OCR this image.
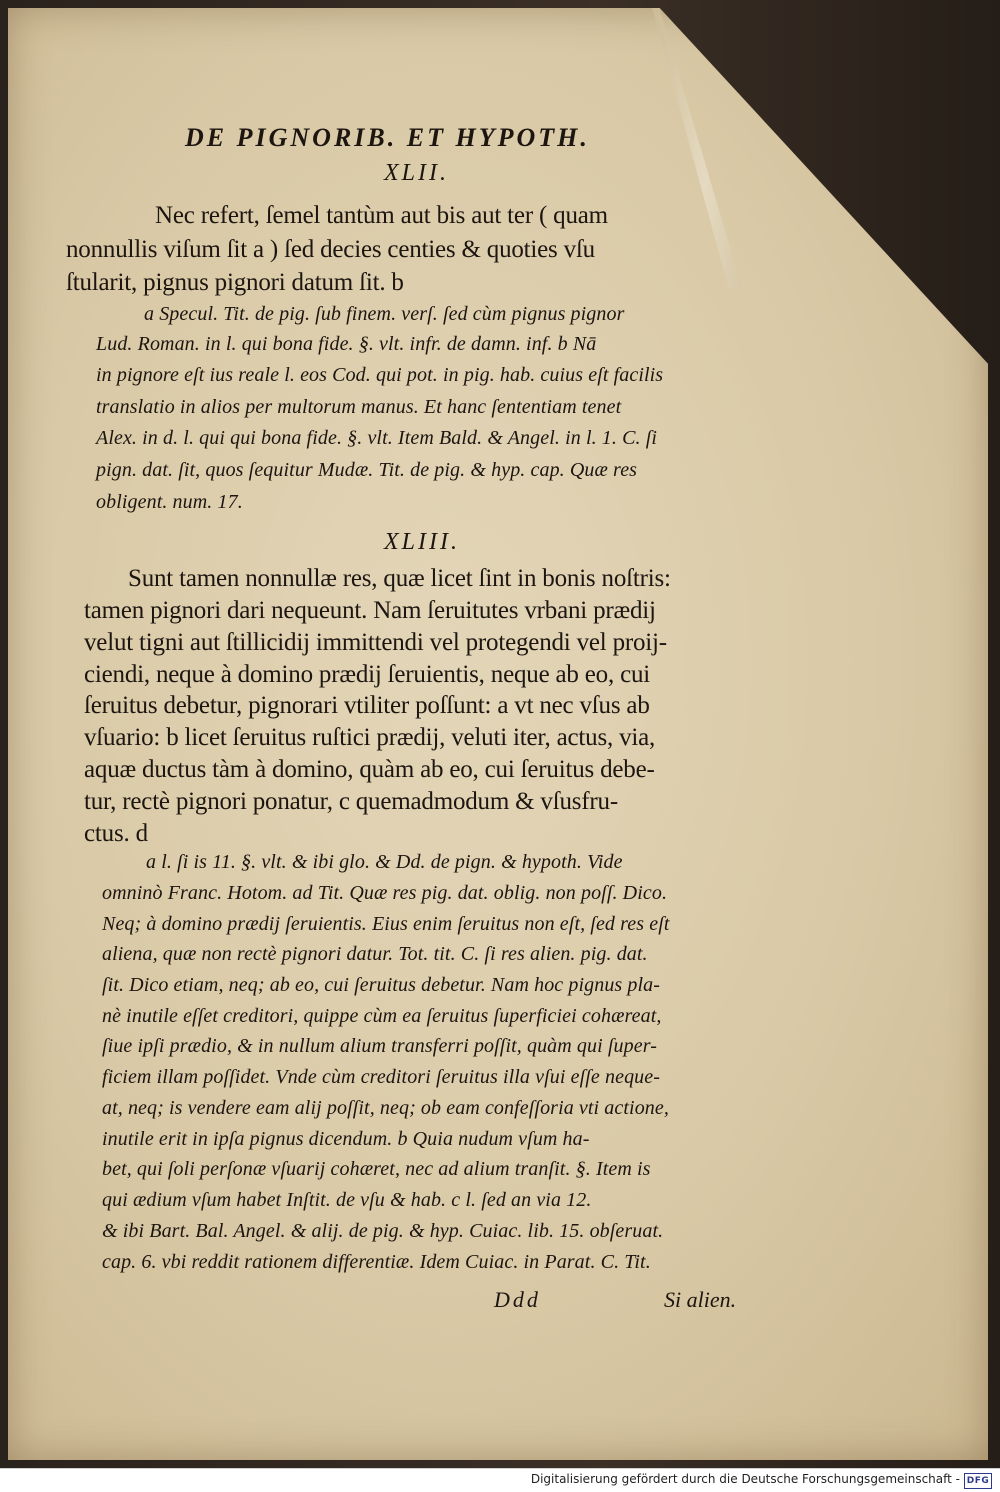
DE PIGNORIB. ET HYPOTH.
XLII.
Nec refert, ſemel tantùm aut bis aut ter ( quam
nonnullis viſum ſit a ) ſed decies centies & quoties vſu
ſtularit, pignus pignori datum ſit. b
a Specul. Tit. de pig. ſub finem. verſ. ſed cùm pignus pignor
Lud. Roman. in l. qui bona fide. §. vlt. infr. de damn. inf. b Nā
in pignore eſt ius reale l. eos Cod. qui pot. in pig. hab. cuius eſt facilis
translatio in alios per multorum manus. Et hanc ſententiam tenet
Alex. in d. l. qui qui bona fide. §. vlt. Item Bald. & Angel. in l. 1. C. ſi
pign. dat. ſit, quos ſequitur Mudæ. Tit. de pig. & hyp. cap. Quæ res
obligent. num. 17.
XLIII.
Sunt tamen nonnullæ res, quæ licet ſint in bonis noſtris:
tamen pignori dari nequeunt. Nam ſeruitutes vrbani prædij
velut tigni aut ſtillicidij immittendi vel protegendi vel proij-
ciendi, neque à domino prædij ſeruientis, neque ab eo, cui
ſeruitus debetur, pignorari vtiliter poſſunt: a vt nec vſus ab
vſuario: b licet ſeruitus ruſtici prædij, veluti iter, actus, via,
aquæ ductus tàm à domino, quàm ab eo, cui ſeruitus debe-
tur, rectè pignori ponatur, c quemadmodum & vſusfru-
ctus. d
a l. ſi is 11. §. vlt. & ibi glo. & Dd. de pign. & hypoth. Vide
omninò Franc. Hotom. ad Tit. Quæ res pig. dat. oblig. non poſſ. Dico.
Neq; à domino prædij ſeruientis. Eius enim ſeruitus non eſt, ſed res eſt
aliena, quæ non rectè pignori datur. Tot. tit. C. ſi res alien. pig. dat.
ſit. Dico etiam, neq; ab eo, cui ſeruitus debetur. Nam hoc pignus pla-
nè inutile eſſet creditori, quippe cùm ea ſeruitus ſuperficiei cohæreat,
ſiue ipſi prædio, & in nullum alium transferri poſſit, quàm qui ſuper-
ficiem illam poſſidet. Vnde cùm creditori ſeruitus illa vſui eſſe neque-
at, neq; is vendere eam alij poſſit, neq; ob eam confeſſoria vti actione,
inutile erit in ipſa pignus dicendum. b Quia nudum vſum ha-
bet, qui ſoli perſonæ vſuarij cohæret, nec ad alium tranſit. §. Item is
qui ædium vſum habet Inſtit. de vſu & hab. c l. ſed an via 12.
& ibi Bart. Bal. Angel. & alij. de pig. & hyp. Cuiac. lib. 15. obſeruat.
cap. 6. vbi reddit rationem differentiæ. Idem Cuiac. in Parat. C. Tit.
Ddd	Si alien.
Digitalisierung gefördert durch die Deutsche Forschungsgemeinschaft - DFG
